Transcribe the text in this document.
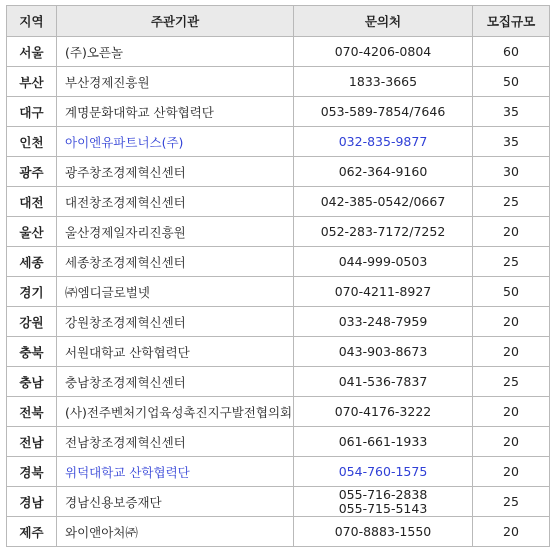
지역	주관기관	문의처	모집규모
서울	(주)오픈놀	070-4206-0804	60
부산	부산경제진흥원	1833-3665	50
대구	계명문화대학교 산학협력단	053-589-7854/7646	35
인천	아이엔유파트너스(주)	032-835-9877	35
광주	광주창조경제혁신센터	062-364-9160	30
대전	대전창조경제혁신센터	042-385-0542/0667	25
울산	울산경제일자리진흥원	052-283-7172/7252	20
세종	세종창조경제혁신센터	044-999-0503	25
경기	㈜엠디글로벌넷	070-4211-8927	50
강원	강원창조경제혁신센터	033-248-7959	20
충북	서원대학교 산학협력단	043-903-8673	20
충남	충남창조경제혁신센터	041-536-7837	25
전북	(사)전주벤처기업육성촉진지구발전협의회	070-4176-3222	20
전남	전남창조경제혁신센터	061-661-1933	20
경북	위덕대학교 산학협력단	054-760-1575	20
경남	경남신용보증재단	055-716-2838
055-715-5143	25
제주	와이앤아처㈜	070-8883-1550	20
